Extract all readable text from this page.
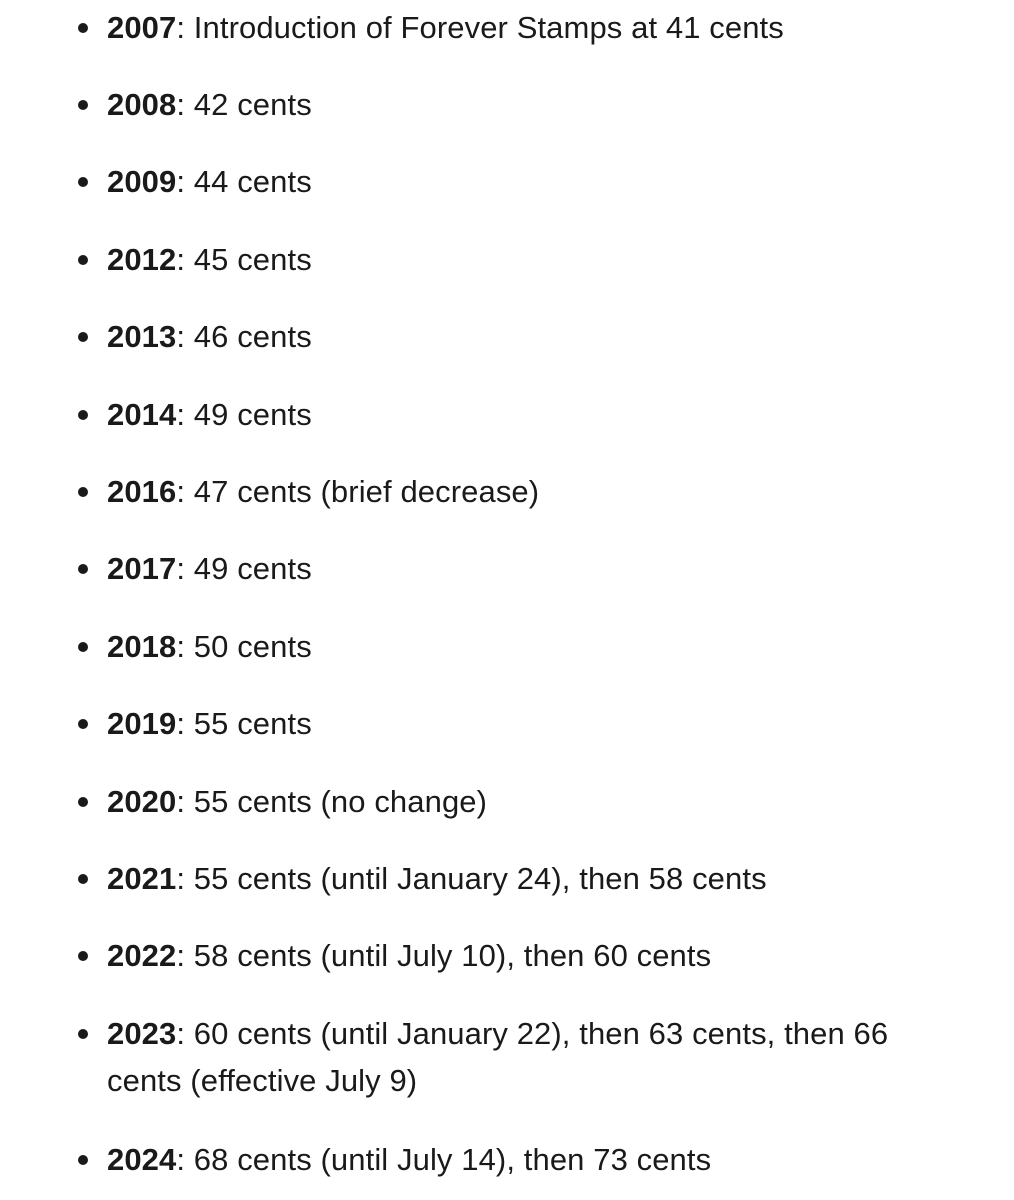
2007: Introduction of Forever Stamps at 41 cents
2008: 42 cents
2009: 44 cents
2012: 45 cents
2013: 46 cents
2014: 49 cents
2016: 47 cents (brief decrease)
2017: 49 cents
2018: 50 cents
2019: 55 cents
2020: 55 cents (no change)
2021: 55 cents (until January 24), then 58 cents
2022: 58 cents (until July 10), then 60 cents
2023: 60 cents (until January 22), then 63 cents, then 66 cents (effective July 9)
2024: 68 cents (until July 14), then 73 cents
